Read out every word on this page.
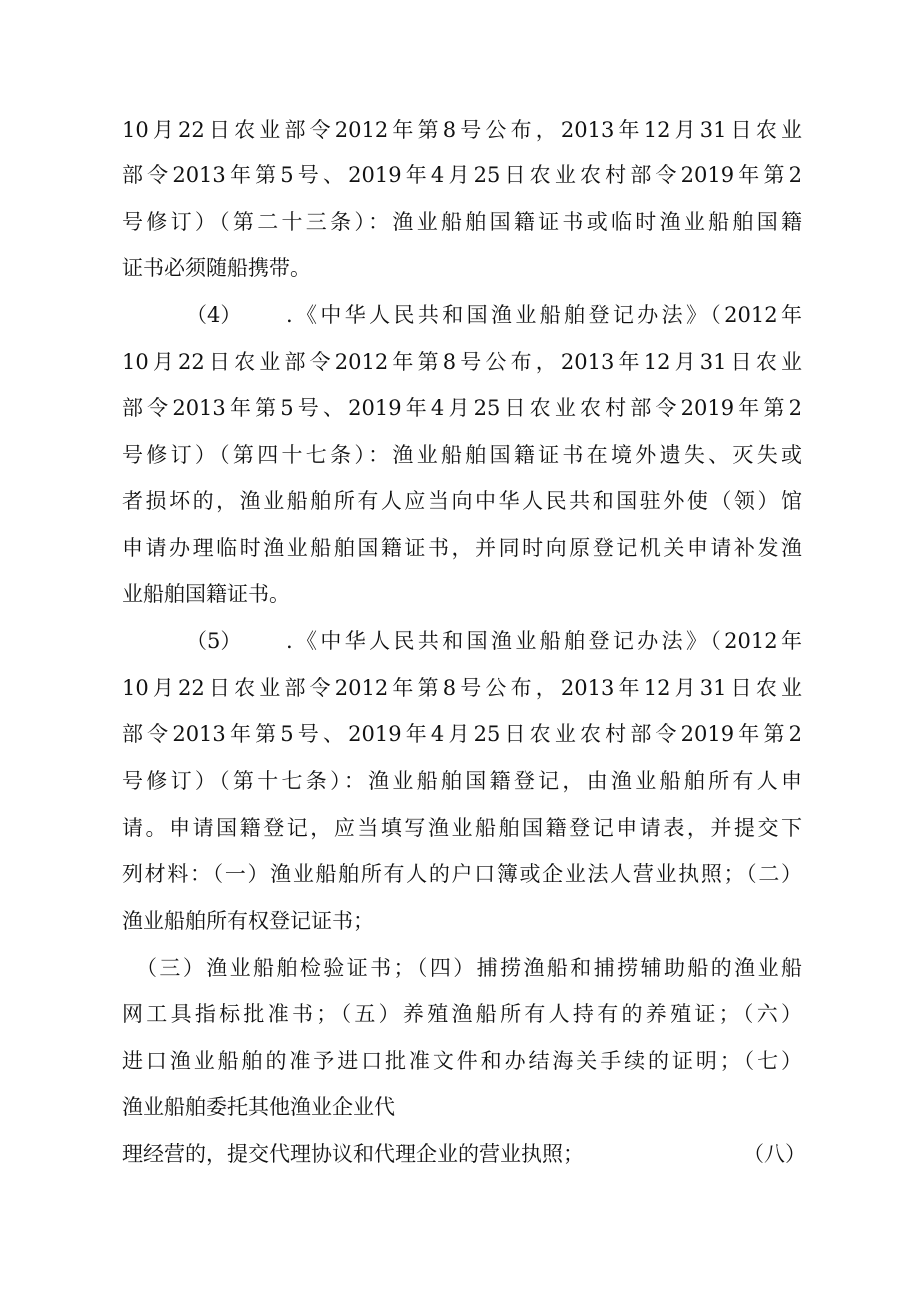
10月22日农业部令2012年第8号公布，2013年12月31日农业
部令2013年第5号、2019年4月25日农业农村部令2019年第2
号修订）（第二十三条）：渔业船舶国籍证书或临时渔业船舶国籍
证书必须随船携带。
（4） .《中华人民共和国渔业船舶登记办法》（2012年
10月22日农业部令2012年第8号公布，2013年12月31日农业
部令2013年第5号、2019年4月25日农业农村部令2019年第2
号修订）（第四十七条）：渔业船舶国籍证书在境外遗失、灭失或
者损坏的，渔业船舶所有人应当向中华人民共和国驻外使（领）馆
申请办理临时渔业船舶国籍证书，并同时向原登记机关申请补发渔
业船舶国籍证书。
（5） .《中华人民共和国渔业船舶登记办法》（2012年
10月22日农业部令2012年第8号公布，2013年12月31日农业
部令2013年第5号、2019年4月25日农业农村部令2019年第2
号修订）（第十七条）：渔业船舶国籍登记，由渔业船舶所有人申
请。申请国籍登记，应当填写渔业船舶国籍登记申请表，并提交下
列材料：（一）渔业船舶所有人的户口簿或企业法人营业执照；（二）
渔业船舶所有权登记证书；
（三）渔业船舶检验证书；（四）捕捞渔船和捕捞辅助船的渔业船
网工具指标批准书；（五）养殖渔船所有人持有的养殖证；（六）
进口渔业船舶的准予进口批准文件和办结海关手续的证明；（七）
渔业船舶委托其他渔业企业代
理经营的，提交代理协议和代理企业的营业执照；	（八）
